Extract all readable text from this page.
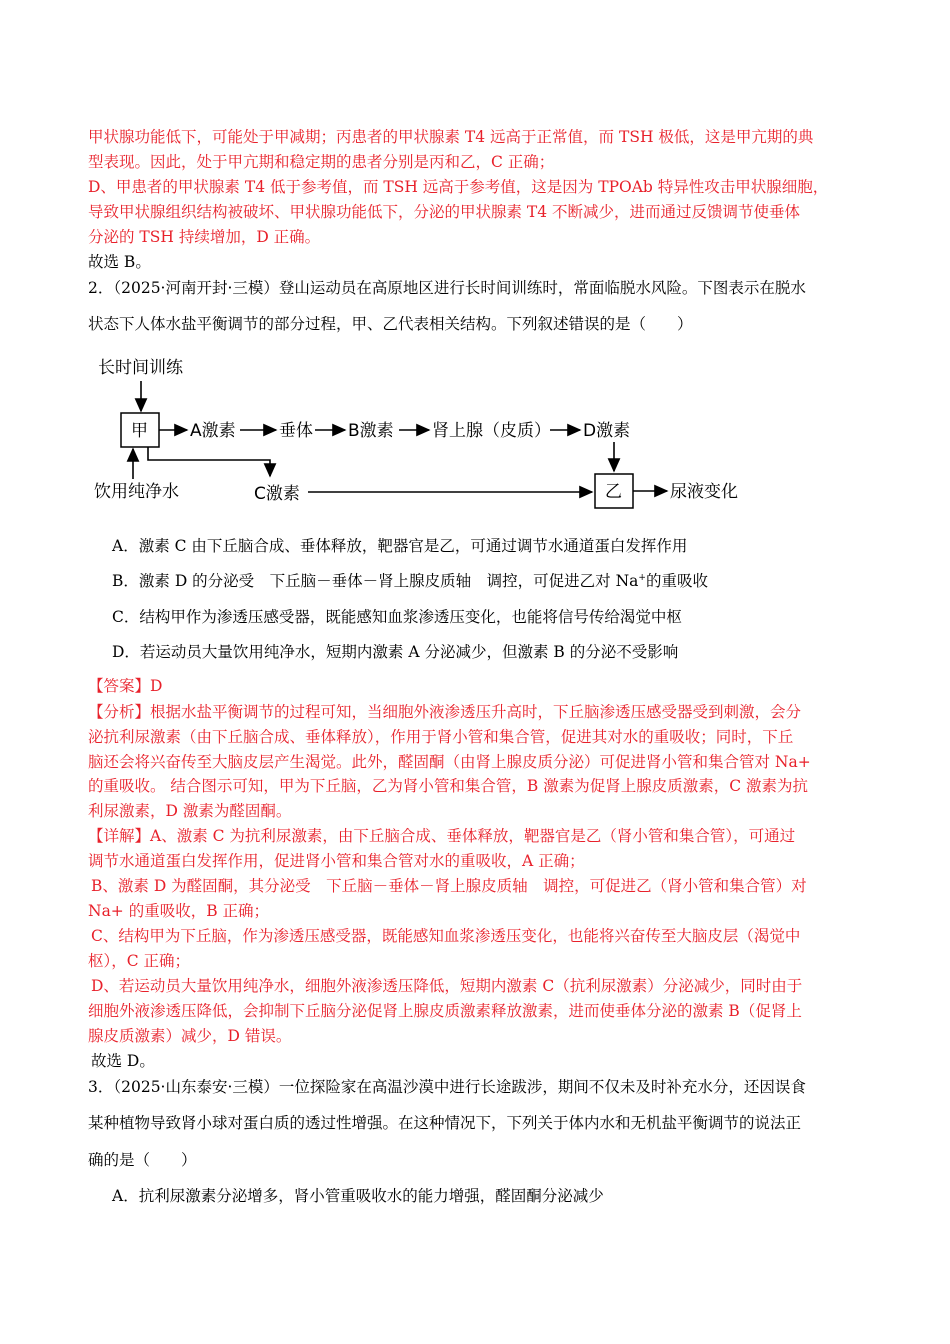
甲状腺功能低下，可能处于甲减期；丙患者的甲状腺素 T4 远高于正常值，而 TSH 极低，这是甲亢期的典
型表现。因此，处于甲亢期和稳定期的患者分别是丙和乙，C 正确；
D、甲患者的甲状腺素 T4 低于参考值，而 TSH 远高于参考值，这是因为 TPOAb 特异性攻击甲状腺细胞，
导致甲状腺组织结构被破坏、甲状腺功能低下，分泌的甲状腺素 T4 不断减少，进而通过反馈调节使垂体
分泌的 TSH 持续增加，D 正确。
故选 B。
2．（2025·河南开封·三模）登山运动员在高原地区进行长时间训练时，常面临脱水风险。下图表示在脱水
状态下人体水盐平衡调节的部分过程，甲、乙代表相关结构。下列叙述错误的是（　　）
长时间训练
甲 A激素	垂体 B激素 肾上腺（皮质） D激素
饮用纯净水	C激素	乙	尿液变化
A．激素 C 由下丘脑合成、垂体释放，靶器官是乙，可通过调节水通道蛋白发挥作用
B．激素 D 的分泌受　下丘脑－垂体－肾上腺皮质轴　调控，可促进乙对 Na+的重吸收
C．结构甲作为渗透压感受器，既能感知血浆渗透压变化，也能将信号传给渴觉中枢
D．若运动员大量饮用纯净水，短期内激素 A 分泌减少，但激素 B 的分泌不受影响
【答案】D
【分析】根据水盐平衡调节的过程可知，当细胞外液渗透压升高时，下丘脑渗透压感受器受到刺激，会分
泌抗利尿激素（由下丘脑合成、垂体释放），作用于肾小管和集合管，促进其对水的重吸收；同时，下丘
脑还会将兴奋传至大脑皮层产生渴觉。此外，醛固酮（由肾上腺皮质分泌）可促进肾小管和集合管对 Na+
的重吸收。 结合图示可知，甲为下丘脑，乙为肾小管和集合管，B 激素为促肾上腺皮质激素，C 激素为抗
利尿激素，D 激素为醛固酮。
【详解】A、激素 C 为抗利尿激素，由下丘脑合成、垂体释放，靶器官是乙（肾小管和集合管），可通过
调节水通道蛋白发挥作用，促进肾小管和集合管对水的重吸收，A 正确；
B、激素 D 为醛固酮，其分泌受　下丘脑－垂体－肾上腺皮质轴　调控，可促进乙（肾小管和集合管）对
Na+ 的重吸收，B 正确；
C、结构甲为下丘脑，作为渗透压感受器，既能感知血浆渗透压变化，也能将兴奋传至大脑皮层（渴觉中
枢），C 正确；
D、若运动员大量饮用纯净水，细胞外液渗透压降低，短期内激素 C（抗利尿激素）分泌减少，同时由于
细胞外液渗透压降低，会抑制下丘脑分泌促肾上腺皮质激素释放激素，进而使垂体分泌的激素 B（促肾上
腺皮质激素）减少，D 错误。
故选 D。
3．（2025·山东泰安·三模）一位探险家在高温沙漠中进行长途跋涉，期间不仅未及时补充水分，还因误食
某种植物导致肾小球对蛋白质的透过性增强。在这种情况下，下列关于体内水和无机盐平衡调节的说法正
确的是（　　）
A．抗利尿激素分泌增多，肾小管重吸收水的能力增强，醛固酮分泌减少
